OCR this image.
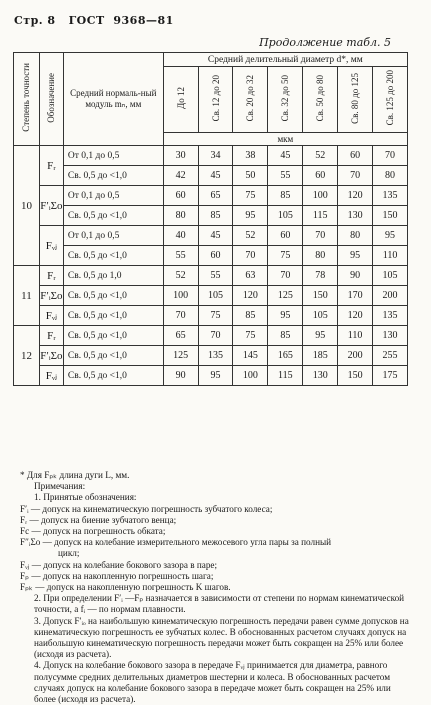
Стр. 8 ГОСТ 9368—81
Продолжение табл. 5
Степень точности	Обозначение	Средний нормаль-ный модуль mₙ, мм	Средний делительный диаметр d*, мм						
			До 12	Св. 12 до 20	Св. 20 до 32	Св. 32 до 50	Св. 50 до 80	Св. 80 до 125	Св. 125 до 200
			мкм						
10	Fᵣ	От 0,1 до 0,5	30	34	38	45	52	60	70
		Св. 0,5 до <1,0	42	45	50	55	60	70	80
	F′ᵢΣo	От 0,1 до 0,5	60	65	75	85	100	120	135
		Св. 0,5 до <1,0	80	85	95	105	115	130	150
	Fᵥⱼ	От 0,1 до 0,5	40	45	52	60	70	80	95
		Св. 0,5 до <1,0	55	60	70	75	80	95	110
11	Fᵣ	Св. 0,5 до 1,0	52	55	63	70	78	90	105
	F′ᵢΣo	Св. 0,5 до <1,0	100	105	120	125	150	170	200
	Fᵥⱼ	Св. 0,5 до <1,0	70	75	85	95	105	120	135
12	Fᵣ	Св. 0,5 до <1,0	65	70	75	85	95	110	130
	F′ᵢΣo	Св. 0,5 до <1,0	125	135	145	165	185	200	255
	Fᵥⱼ	Св. 0,5 до <1,0	90	95	100	115	130	150	175

* Для Fₚₖ длина дуги L, мм.

Примечания:

1. Принятые обозначения:

F′ᵢ — допуск на кинематическую погрешность зубчатого колеса;

Fᵣ — допуск на биение зубчатого венца;

Fc — допуск на погрешность обката;

F″ᵢΣo — допуск на колебание измерительного межосевого угла пары за полный

цикл;

Fᵥⱼ — допуск на колебание бокового зазора в паре;

Fₚ — допуск на накопленную погрешность шага;

Fₚₖ — допуск на накопленную погрешность K шагов.

2. При определении F′ᵢ —Fₚ назначается в зависимости от степени по нормам кинематической точности, а fᵢ — по нормам плавности.

3. Допуск F′ᵢₒ на наибольшую кинематическую погрешность передачи равен сумме допусков на кинематическую погрешность ее зубчатых колес. В обоснованных расчетом случаях допуск на наибольшую кинематическую погрешность передачи может быть сокращен на 25% или более (исходя из расчета).

4. Допуск на колебание бокового зазора в передаче Fᵥⱼ принимается для диаметра, равного полусумме средних делительных диаметров шестерни и колеса. В обоснованных расчетом случаях допуск на колебание бокового зазора в передаче может быть сокращен на 25% или более (исходя из расчета).
